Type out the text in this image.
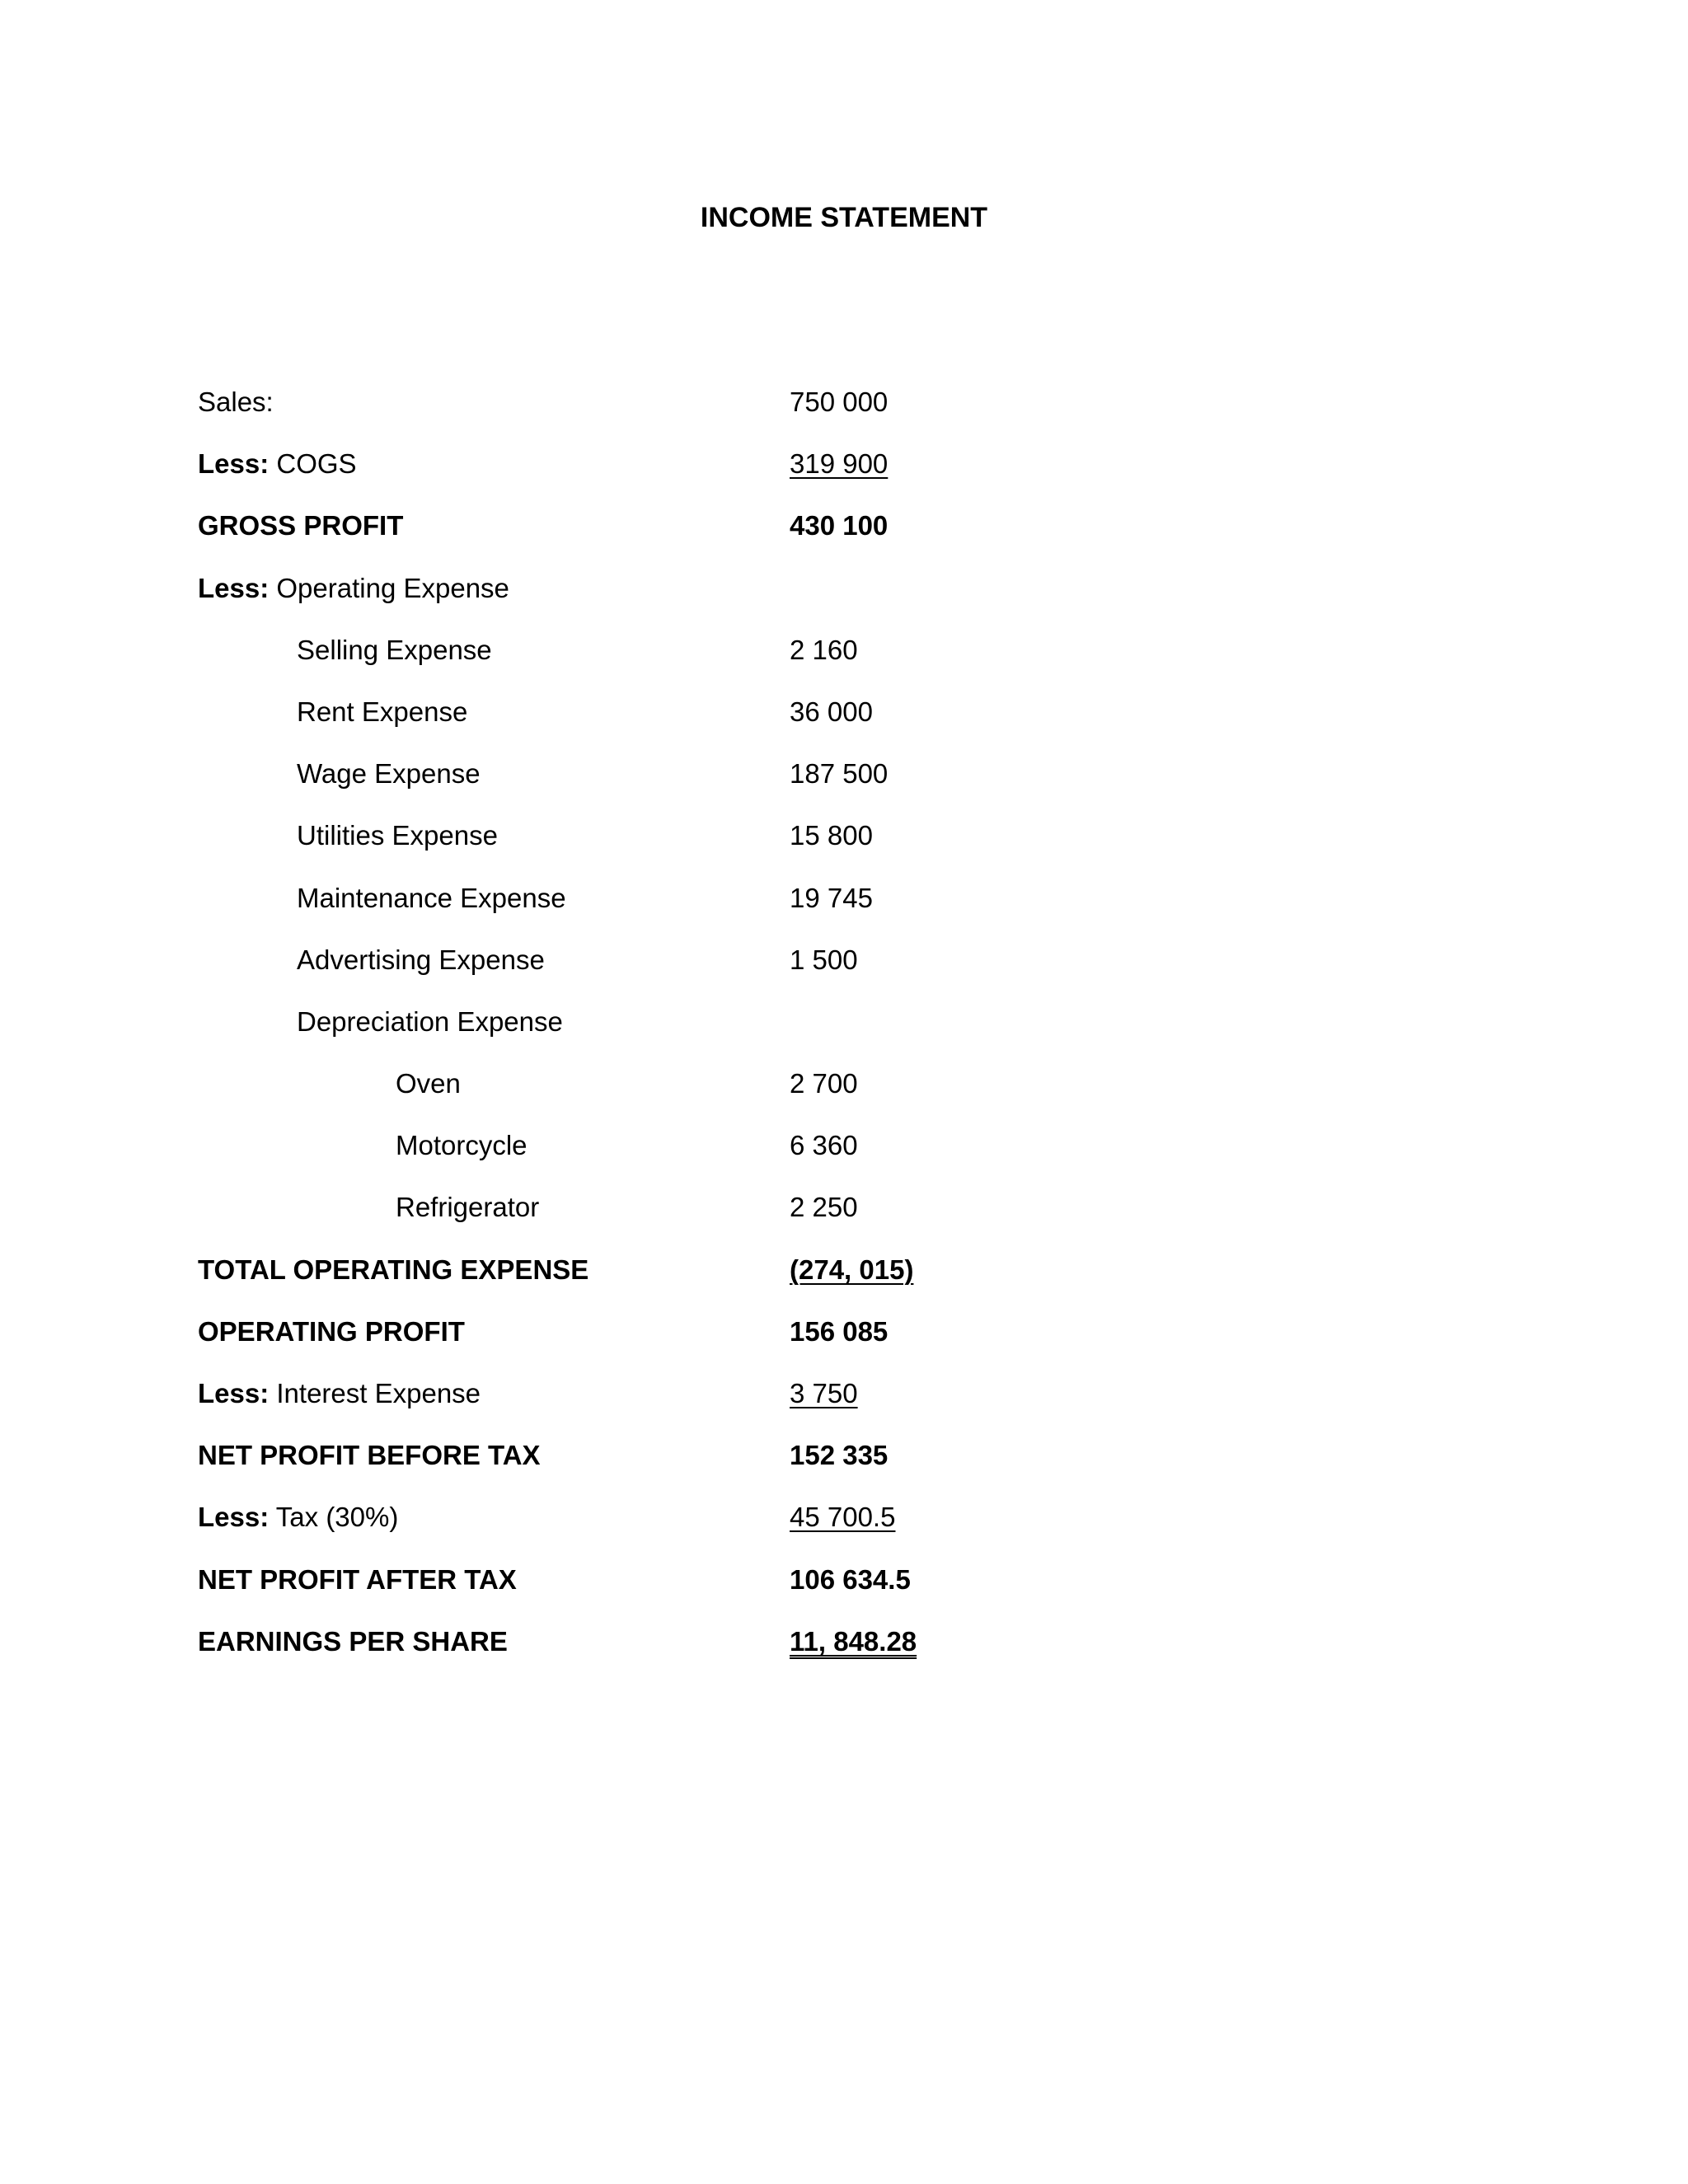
INCOME STATEMENT
Sales:	750 000
Less: COGS	319 900
GROSS PROFIT	430 100
Less: Operating Expense
Selling Expense	2 160
Rent Expense	36 000
Wage Expense	187 500
Utilities Expense	15 800
Maintenance Expense	19 745
Advertising Expense	1 500
Depreciation Expense
Oven	2 700
Motorcycle	6 360
Refrigerator	2 250
TOTAL OPERATING EXPENSE	(274, 015)
OPERATING PROFIT	156 085
Less: Interest Expense	3 750
NET PROFIT BEFORE TAX	152 335
Less: Tax (30%)	45 700.5
NET PROFIT AFTER TAX	106 634.5
EARNINGS PER SHARE	11, 848.28
